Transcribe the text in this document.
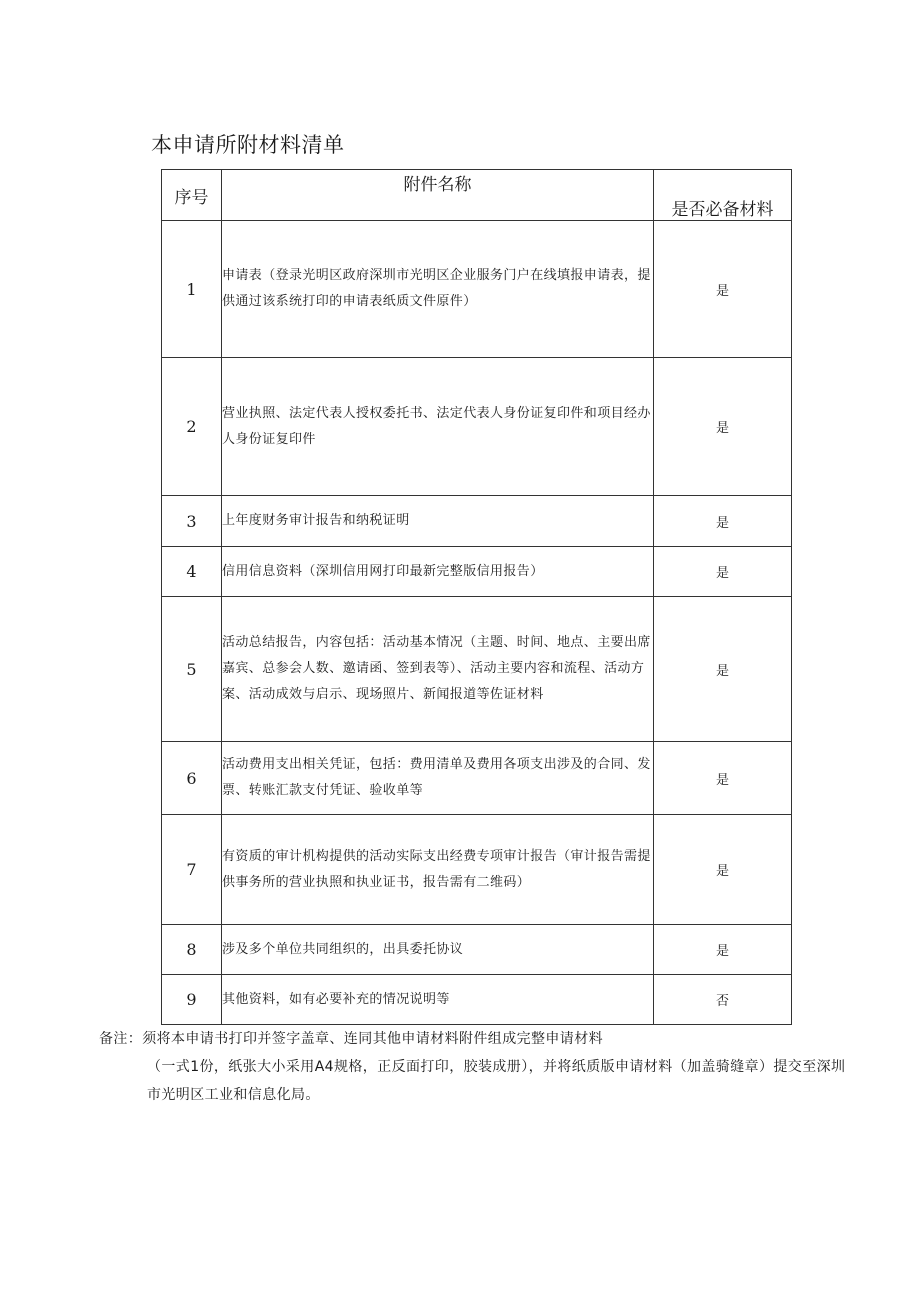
本申请所附材料清单
序号	附件名称	是否必备材料
1	申请表（登录光明区政府深圳市光明区企业服务门户在线填报申请表，提供通过该系统打印的申请表纸质文件原件）	是
2	营业执照、法定代表人授权委托书、法定代表人身份证复印件和项目经办人身份证复印件	是
3	上年度财务审计报告和纳税证明	是
4	信用信息资料（深圳信用网打印最新完整版信用报告）	是
5	活动总结报告，内容包括：活动基本情况（主题、时间、地点、主要出席嘉宾、总参会人数、邀请函、签到表等）、活动主要内容和流程、活动方案、活动成效与启示、现场照片、新闻报道等佐证材料	是
6	活动费用支出相关凭证，包括：费用清单及费用各项支出涉及的合同、发票、转账汇款支付凭证、验收单等	是
7	有资质的审计机构提供的活动实际支出经费专项审计报告（审计报告需提供事务所的营业执照和执业证书，报告需有二维码）	是
8	涉及多个单位共同组织的，出具委托协议	是
9	其他资料，如有必要补充的情况说明等	否

备注：须将本申请书打印并签字盖章、连同其他申请材料附件组成完整申请材料

（一式1份，纸张大小采用A4规格，正反面打印，胶装成册），并将纸质版申请材料（加盖骑缝章）提交至深圳市光明区工业和信息化局。
